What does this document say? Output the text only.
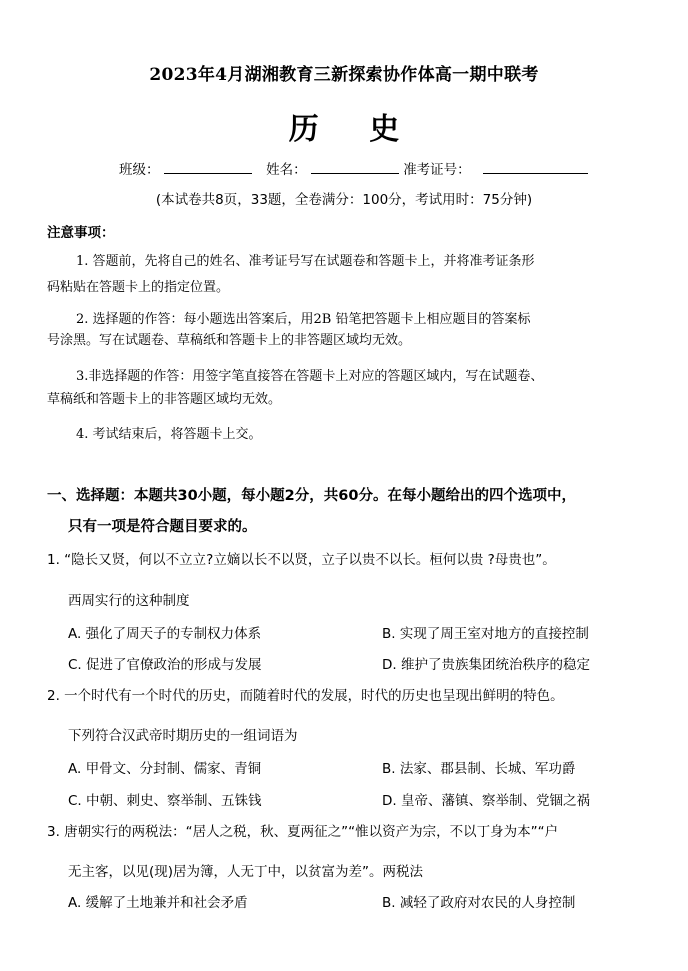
2023年4月湖湘教育三新探索协作体高一期中联考
历 史
班级：	姓名：	准考证号：
(本试卷共8页，33题，全卷满分：100分，考试用时：75分钟)
注意事项：
1. 答题前，先将自己的姓名、准考证号写在试题卷和答题卡上，并将准考证条形
码粘贴在答题卡上的指定位置。
2. 选择题的作答：每小题选出答案后，用2B 铅笔把答题卡上相应题目的答案标
号涂黑。写在试题卷、草稿纸和答题卡上的非答题区域均无效。
3.非选择题的作答：用签字笔直接答在答题卡上对应的答题区域内，写在试题卷、
草稿纸和答题卡上的非答题区域均无效。
4. 考试结束后，将答题卡上交。
一、选择题：本题共30小题，每小题2分，共60分。在每小题给出的四个选项中，
只有一项是符合题目要求的。
1. “隐长又贤，何以不立立?立嫡以长不以贤，立子以贵不以长。桓何以贵 ?母贵也”。
西周实行的这种制度
A. 强化了周天子的专制权力体系	B. 实现了周王室对地方的直接控制
C. 促进了官僚政治的形成与发展	D. 维护了贵族集团统治秩序的稳定
2. 一个时代有一个时代的历史，而随着时代的发展，时代的历史也呈现出鲜明的特色。
下列符合汉武帝时期历史的一组词语为
A. 甲骨文、分封制、儒家、青铜	B. 法家、郡县制、长城、军功爵
C. 中朝、刺史、察举制、五铢钱	D. 皇帝、藩镇、察举制、党锢之祸
3. 唐朝实行的两税法：“居人之税，秋、夏两征之”“惟以资产为宗，不以丁身为本”“户
无主客，以见(现)居为簿，人无丁中，以贫富为差”。两税法
A. 缓解了土地兼并和社会矛盾	B. 减轻了政府对农民的人身控制
